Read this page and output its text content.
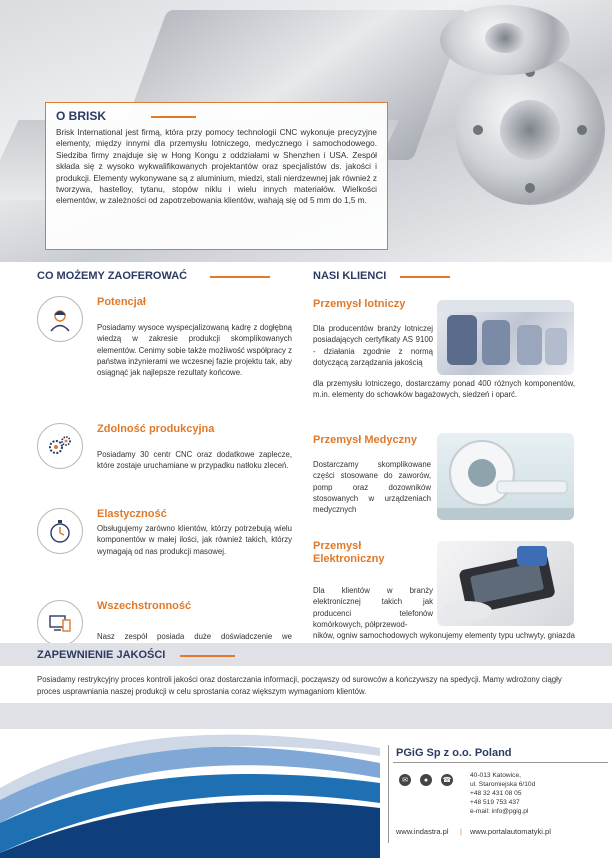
O BRISK
Brisk International jest firmą, która przy pomocy technologii CNC wykonuje precyzyjne elementy, między innymi dla przemysłu lotniczego, medycznego i samochodowego. Siedziba firmy znajduje się w Hong Kongu z oddziałami w Shenzhen i USA. Zespół składa się z wysoko wykwalifikowanych projektantów oraz specjalistów ds. jakości i produkcji. Elementy wykonywane są z aluminium, miedzi, stali nierdzewnej jak również z tworzywa, hastelloy, tytanu, stopów niklu i wielu innych materiałów. Wielkości elementów, w zależności od zapotrzebowania klientów, wahają się od 5 mm do 1,5 m.
CO MOŻEMY ZAOFEROWAĆ
Potencjał
Posiadamy wysoce wyspecjalizowaną kadrę z dogłębną wiedzą w zakresie produkcji skomplikowanych elementów. Cenimy sobie także możliwość współpracy z państwa inżynierami we wczesnej fazie projektu tak, aby osiągnąć jak najlepsze rezultaty końcowe.
Zdolność produkcyjna
Posiadamy 30 centr CNC oraz dodatkowe zaplecze, które zostaje uruchamiane w przypadku natłoku zleceń.
Elastyczność
Obsługujemy zarówno klientów, którzy potrzebują wielu komponentów w małej ilości, jak również takich, którzy wymagają od nas produkcji masowej.
Wszechstronność
Nasz zespół posiada duże doświadczenie we
NASI KLIENCI
Przemysł lotniczy
Dla producentów branży lotniczej posiadających certyfikaty AS 9100 - działania zgodnie z normą dotyczącą zarządzania jakością
dla przemysłu lotniczego, dostarczamy ponad 400 różnych komponentów, m.in. elementy do schowków bagażowych, siedzeń i oparć.
Przemysł Medyczny
Dostarczamy skomplikowane części stosowane do zaworów, pomp oraz dozowników stosowanych w urządzeniach medycznych
Przemysł Elektroniczny
Dla klientów w branży elektronicznej takich jak producenci telefonów komórkowych, półprzewod-
ników, ogniw samochodowych wykonujemy elementy typu uchwyty, gniazda
ZAPEWNIENIE JAKOŚCI
Posiadamy restrykcyjny proces kontroli jakości oraz dostarczania informacji, począwszy od surowców a kończywszy na spedycji. Mamy wdrożony ciągły proces usprawniania naszej produkcji w celu sprostania coraz większym wymaganiom klientów.
PGiG Sp z o.o. Poland
✉	●	☎
40-013 Katowice,
ul. Staromiejska 6/10d
+48 32 431 08 05
+48 519 753 437
e-mail: info@pgig.pl
www.indastra.pl | www.portalautomatyki.pl
